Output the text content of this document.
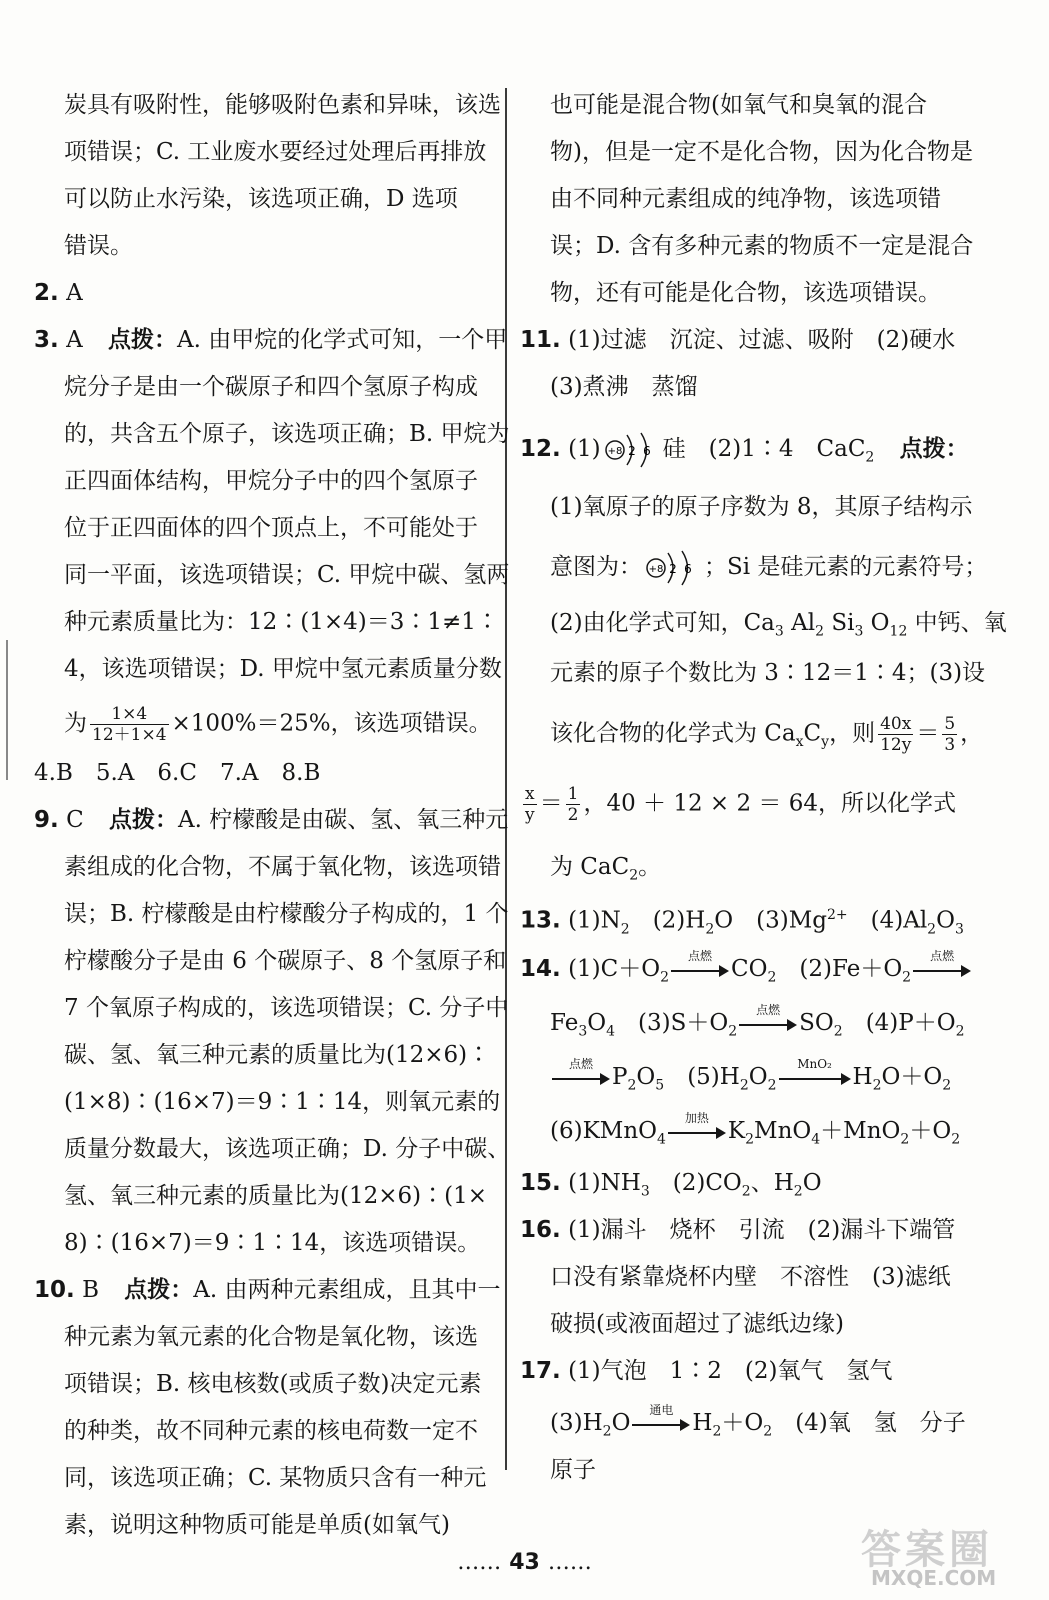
炭具有吸附性，能够吸附色素和异味，该选
项错误；C. 工业废水要经过处理后再排放
可以防止水污染，该选项正确，D 选项
错误。
2. A
3. A 点拨：A. 由甲烷的化学式可知，一个甲
烷分子是由一个碳原子和四个氢原子构成
的，共含五个原子，该选项正确；B. 甲烷为
正四面体结构，甲烷分子中的四个氢原子
位于正四面体的四个顶点上，不可能处于
同一平面，该选项错误；C. 甲烷中碳、氢两
种元素质量比为：12∶(1×4)＝3∶1≠1∶
4，该选项错误；D. 甲烷中氢元素质量分数
为 $\frac{1\times 4}{12+1\times 4} \times 100\%=25\%$，该选项错误。
4.B　5.A　6.C　7.A　8.B
9. C 点拨：A. 柠檬酸是由碳、氢、氧三种元
素组成的化合物，不属于氧化物，该选项错
误；B. 柠檬酸是由柠檬酸分子构成的，1 个
柠檬酸分子是由 6 个碳原子、8 个氢原子和
7 个氧原子构成的，该选项错误；C. 分子中
碳、氢、氧三种元素的质量比为(12×6)∶
(1×8)∶(16×7)＝9∶1∶14，则氧元素的
质量分数最大，该选项正确；D. 分子中碳、
氢、氧三种元素的质量比为(12×6)∶(1×
8)∶(16×7)＝9∶1∶14，该选项错误。
10. B 点拨：A. 由两种元素组成，且其中一
种元素为氧元素的化合物是氧化物，该选
项错误；B. 核电核数(或质子数)决定元素
的种类，故不同种元素的核电荷数一定不
同，该选项正确；C. 某物质只含有一种元
素，说明这种物质可能是单质(如氧气)
也可能是混合物(如氧气和臭氧的混合
物)，但是一定不是化合物，因为化合物是
由不同种元素组成的纯净物，该选项错
误；D. 含有多种元素的物质不一定是混合
物，还有可能是化合物，该选项错误。
11. (1)过滤　沉淀、过滤、吸附　(2)硬水
(3)煮沸　蒸馏
12. (1) +8 2 6 硅　(2)1∶4　CaC$_2$ 点拨：
(1)氧原子的原子序数为 8，其原子结构示
意图为： +8 2 6 ；Si 是硅元素的元素符号；
(2)由化学式可知，$Ca_3$ $Al_2$ $Si_3$ $O_{12}$ 中钙、氧
元素的原子个数比为 3∶12＝1∶4；(3)设
该化合物的化学式为 $Ca_xC_y$，则 $\frac{40x}{12y} = \frac{5}{3}$ ，
$\frac{x}{y} = \frac{1}{2}$ ，40 ＋ 12 × 2 ＝ 64，所以化学式
为 CaC$_2$。
13. $(1)N_2$　$(2)H_2O$　$(3)Mg^{2+}$　$(4)Al_2O_3$
14. $(1)C+O_2$
点燃 $CO_2$　$(2)Fe+O_2$
点燃
$Fe_3O_4$　$(3)S+O_2$
点燃 $SO_2$　$(4)P+O_2$
点燃 $P_2O_5$　$(5)H_2O_2$
MnO₂ $H_2O+O_2$
(6)KMnO$_4$
加热 $K_2MnO_4+MnO_2+O_2$
15. $(1)NH_3$　$(2)CO_2$、$H_2O$
16. (1)漏斗　烧杯　引流　(2)漏斗下端管
口没有紧靠烧杯内壁　不溶性　(3)滤纸
破损(或液面超过了滤纸边缘)
17. (1)气泡　1∶2　(2)氧气　氢气
$(3)H_2O$	通电 $H_2+O_2$　(4)氧　氢　分子
原子
…… 43 ……	答案圈
MXQE.COM
